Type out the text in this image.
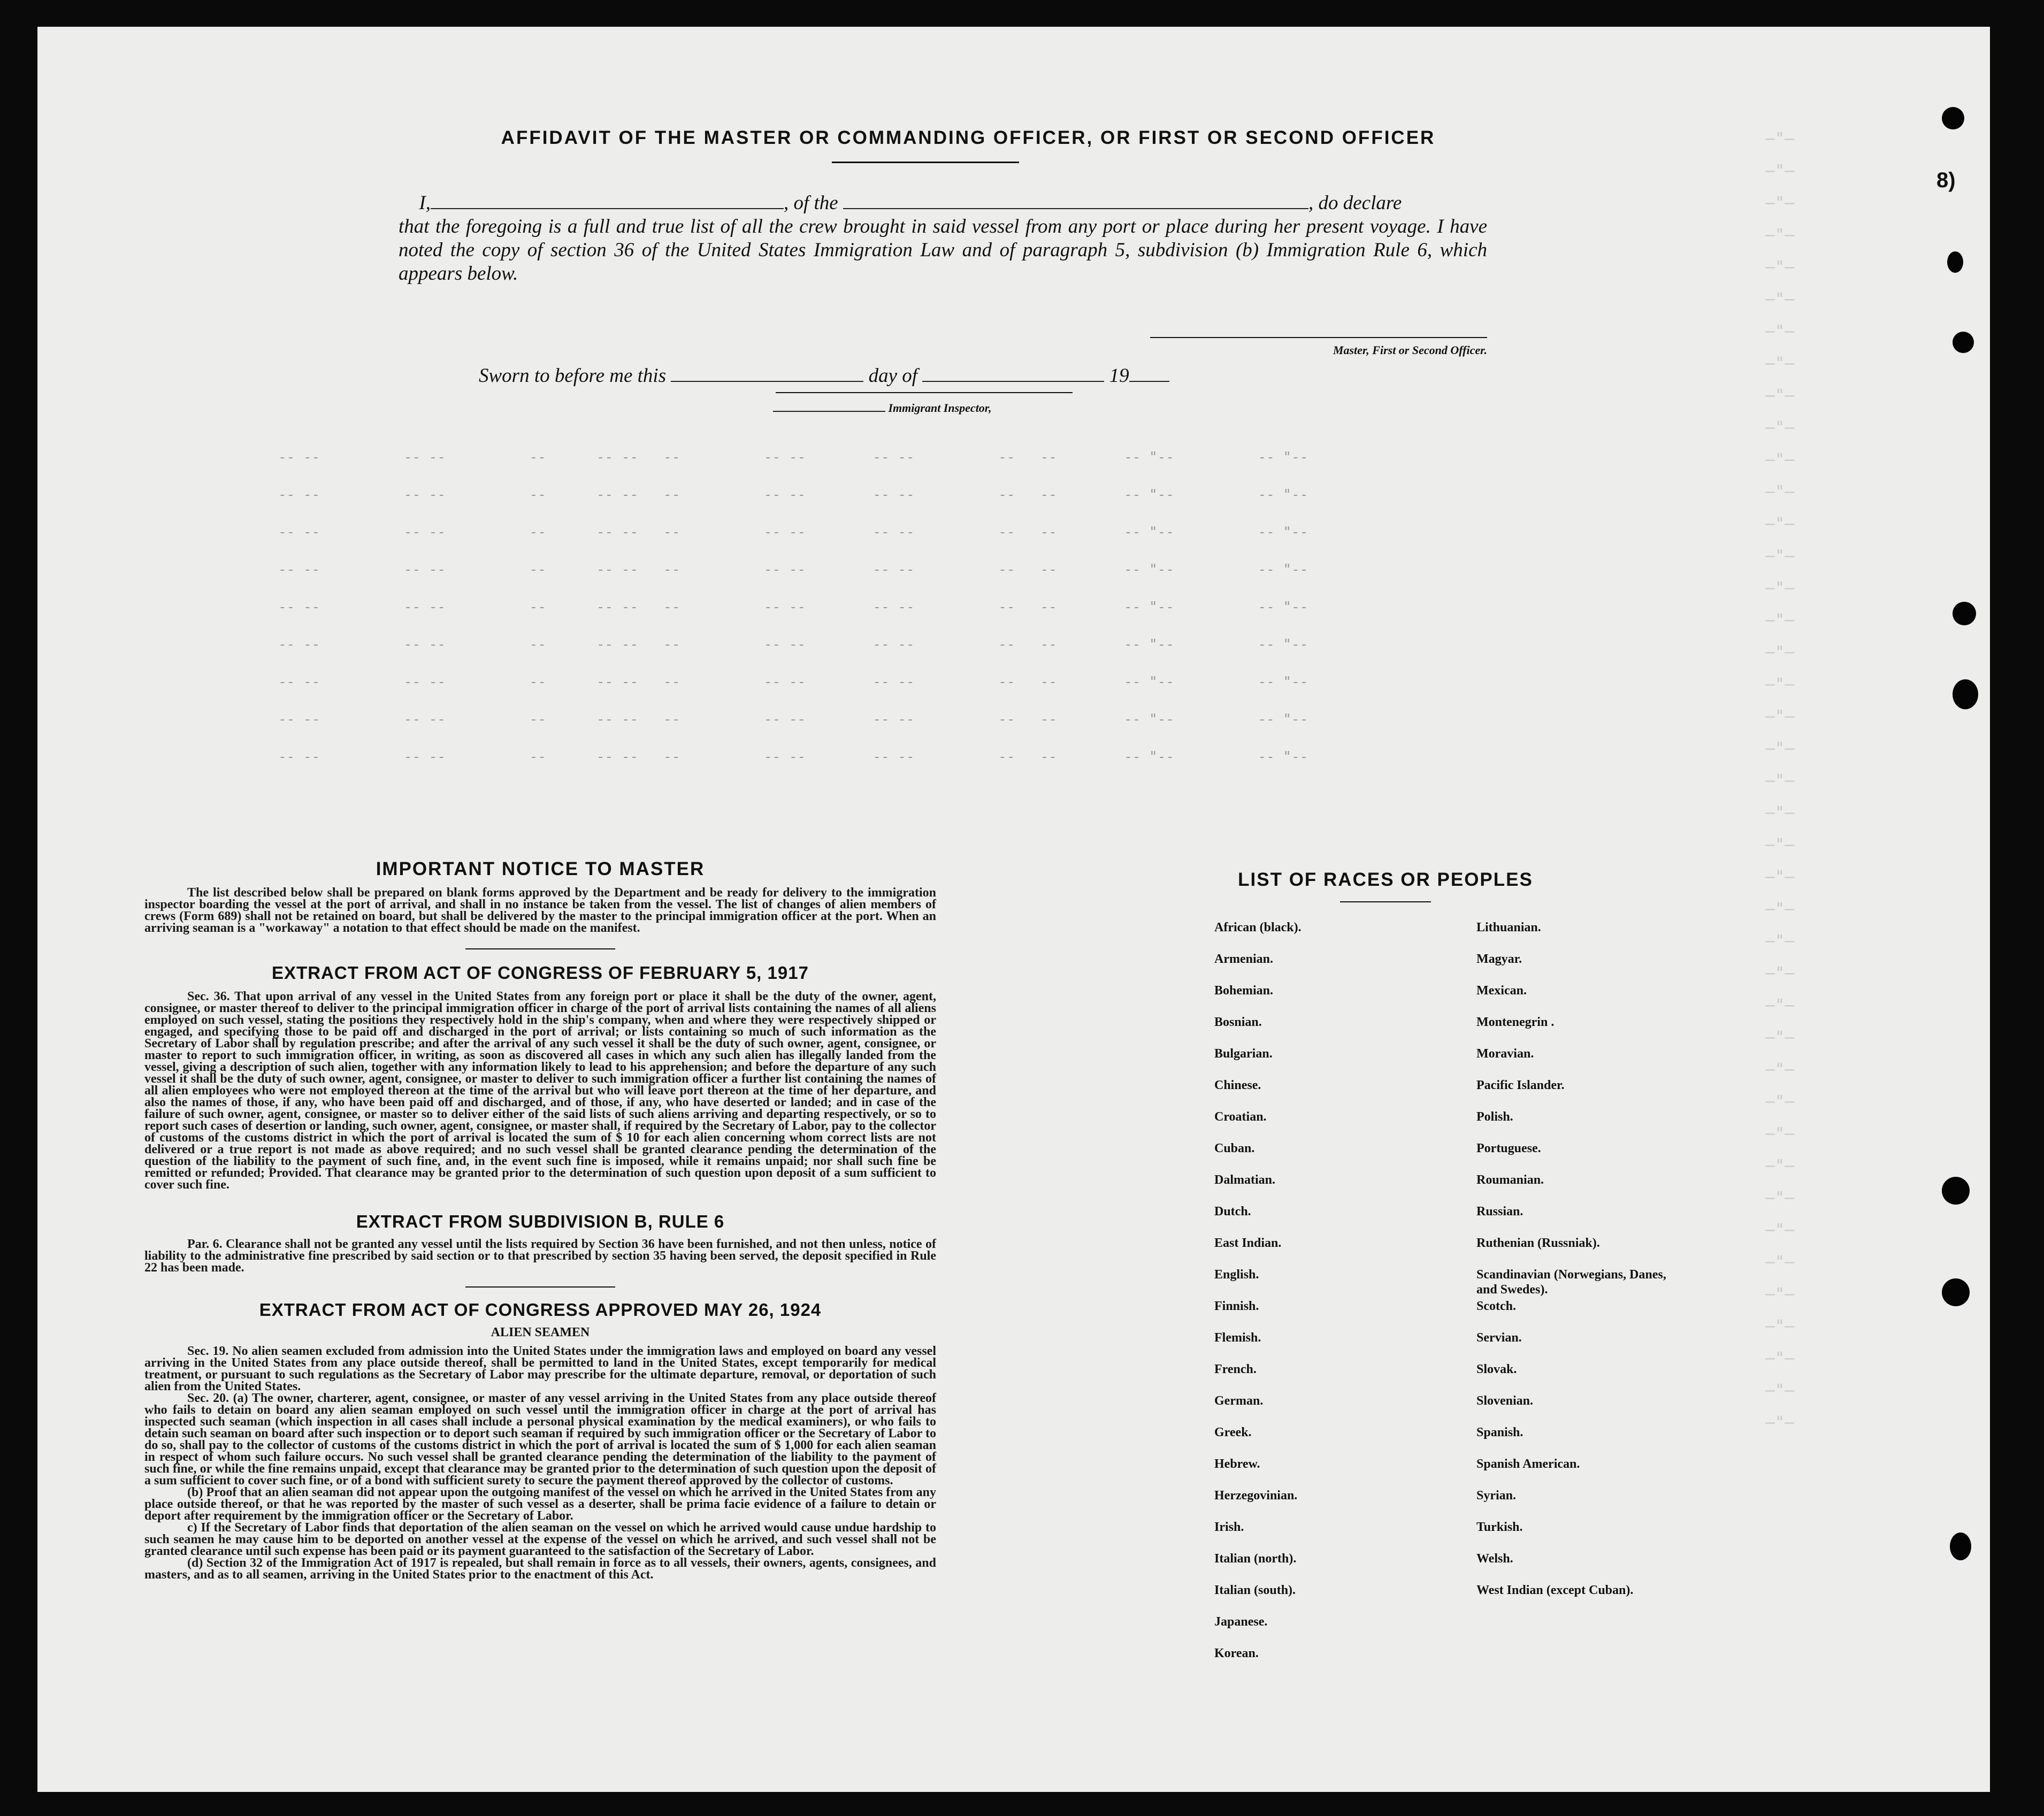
—"—
—"—
—"—
—"—
—"—
—"—
—"—
—"—
—"—
—"—
—"—
—"—
—"—
—"—
—"—
—"—
—"—
—"—
—"—
—"—
—"—
—"—
—"—
—"—
—"—
—"—
—"—
—"—
—"—
—"—
—"—
—"—
—"—
—"—
—"—
—"—
—"—
—"—
—"—
—"—
—"—
-- --          -- --          --      -- --   --          -- --        -- --          --   --        -- "--          -- "--
-- --          -- --          --      -- --   --          -- --        -- --          --   --        -- "--          -- "--
-- --          -- --          --      -- --   --          -- --        -- --          --   --        -- "--          -- "--
-- --          -- --          --      -- --   --          -- --        -- --          --   --        -- "--          -- "--
-- --          -- --          --      -- --   --          -- --        -- --          --   --        -- "--          -- "--
-- --          -- --          --      -- --   --          -- --        -- --          --   --        -- "--          -- "--
-- --          -- --          --      -- --   --          -- --        -- --          --   --        -- "--          -- "--
-- --          -- --          --      -- --   --          -- --        -- --          --   --        -- "--          -- "--
-- --          -- --          --      -- --   --          -- --        -- --          --   --        -- "--          -- "--
8)
AFFIDAVIT OF THE MASTER OR COMMANDING OFFICER, OR FIRST OR SECOND OFFICER
I,	, of the	, do declare
that the foregoing is a full and true list of all the crew brought in said vessel from any port or place during her present voyage. I have noted the copy of section 36 of the United States Immigration Law and of paragraph 5, subdivision (b) Immigration Rule 6, which appears below.
Master, First or Second Officer.
Sworn to before me this	day of	19
Immigrant Inspector,
IMPORTANT NOTICE TO MASTER
The list described below shall be prepared on blank forms approved by the Department and be ready for delivery to the immigration inspector boarding the vessel at the port of arrival, and shall in no instance be taken from the vessel. The list of changes of alien members of crews (Form 689) shall not be retained on board, but shall be delivered by the master to the principal immigration officer at the port. When an arriving seaman is a "workaway" a notation to that effect should be made on the manifest.
EXTRACT FROM ACT OF CONGRESS OF FEBRUARY 5, 1917
Sec. 36. That upon arrival of any vessel in the United States from any foreign port or place it shall be the duty of the owner, agent, consignee, or master thereof to deliver to the principal immigration officer in charge of the port of arrival lists containing the names of all aliens employed on such vessel, stating the positions they respectively hold in the ship's company, when and where they were respectively shipped or engaged, and specifying those to be paid off and discharged in the port of arrival; or lists containing so much of such information as the Secretary of Labor shall by regulation prescribe; and after the arrival of any such vessel it shall be the duty of such owner, agent, consignee, or master to report to such immigration officer, in writing, as soon as discovered all cases in which any such alien has illegally landed from the vessel, giving a description of such alien, together with any information likely to lead to his apprehension; and before the departure of any such vessel it shall be the duty of such owner, agent, consignee, or master to deliver to such immigration officer a further list containing the names of all alien employees who were not employed thereon at the time of the arrival but who will leave port thereon at the time of her departure, and also the names of those, if any, who have been paid off and discharged, and of those, if any, who have deserted or landed; and in case of the failure of such owner, agent, consignee, or master so to deliver either of the said lists of such aliens arriving and departing respectively, or so to report such cases of desertion or landing, such owner, agent, consignee, or master shall, if required by the Secretary of Labor, pay to the collector of customs of the customs district in which the port of arrival is located the sum of $ 10 for each alien concerning whom correct lists are not delivered or a true report is not made as above required; and no such vessel shall be granted clearance pending the determination of the question of the liability to the payment of such fine, and, in the event such fine is imposed, while it remains unpaid; nor shall such fine be remitted or refunded; Provided. That clearance may be granted prior to the determination of such question upon deposit of a sum sufficient to cover such fine.
EXTRACT FROM SUBDIVISION B, RULE 6
Par. 6. Clearance shall not be granted any vessel until the lists required by Section 36 have been furnished, and not then unless, notice of liability to the administrative fine prescribed by said section or to that prescribed by section 35 having been served, the deposit specified in Rule 22 has been made.
EXTRACT FROM ACT OF CONGRESS APPROVED MAY 26, 1924
ALIEN SEAMEN
Sec. 19. No alien seamen excluded from admission into the United States under the immigration laws and employed on board any vessel arriving in the United States from any place outside thereof, shall be permitted to land in the United States, except temporarily for medical treatment, or pursuant to such regulations as the Secretary of Labor may prescribe for the ultimate departure, removal, or deportation of such alien from the United States.
Sec. 20. (a) The owner, charterer, agent, consignee, or master of any vessel arriving in the United States from any place outside thereof who fails to detain on board any alien seaman employed on such vessel until the immigration officer in charge at the port of arrival has inspected such seaman (which inspection in all cases shall include a personal physical examination by the medical examiners), or who fails to detain such seaman on board after such inspection or to deport such seaman if required by such immigration officer or the Secretary of Labor to do so, shall pay to the collector of customs of the customs district in which the port of arrival is located the sum of $ 1,000 for each alien seaman in respect of whom such failure occurs. No such vessel shall be granted clearance pending the determination of the liability to the payment of such fine, or while the fine remains unpaid, except that clearance may be granted prior to the determination of such question upon the deposit of a sum sufficient to cover such fine, or of a bond with sufficient surety to secure the payment thereof approved by the collector of customs.
(b) Proof that an alien seaman did not appear upon the outgoing manifest of the vessel on which he arrived in the United States from any place outside thereof, or that he was reported by the master of such vessel as a deserter, shall be prima facie evidence of a failure to detain or deport after requirement by the immigration officer or the Secretary of Labor.
c) If the Secretary of Labor finds that deportation of the alien seaman on the vessel on which he arrived would cause undue hardship to such seamen he may cause him to be deported on another vessel at the expense of the vessel on which he arrived, and such vessel shall not be granted clearance until such expense has been paid or its payment guaranteed to the satisfaction of the Secretary of Labor.
(d) Section 32 of the Immigration Act of 1917 is repealed, but shall remain in force as to all vessels, their owners, agents, consignees, and masters, and as to all seamen, arriving in the United States prior to the enactment of this Act.
LIST OF RACES OR PEOPLES
African (black).
Armenian.
Bohemian.
Bosnian.
Bulgarian.
Chinese.
Croatian.
Cuban.
Dalmatian.
Dutch.
East Indian.
English.
Finnish.
Flemish.
French.
German.
Greek.
Hebrew.
Herzegovinian.
Irish.
Italian (north).
Italian (south).
Japanese.
Korean.
Lithuanian.
Magyar.
Mexican.
Montenegrin .
Moravian.
Pacific Islander.
Polish.
Portuguese.
Roumanian.
Russian.
Ruthenian (Russniak).
Scandinavian (Norwegians, Danes, and Swedes).
Scotch.
Servian.
Slovak.
Slovenian.
Spanish.
Spanish American.
Syrian.
Turkish.
Welsh.
West Indian (except Cuban).
